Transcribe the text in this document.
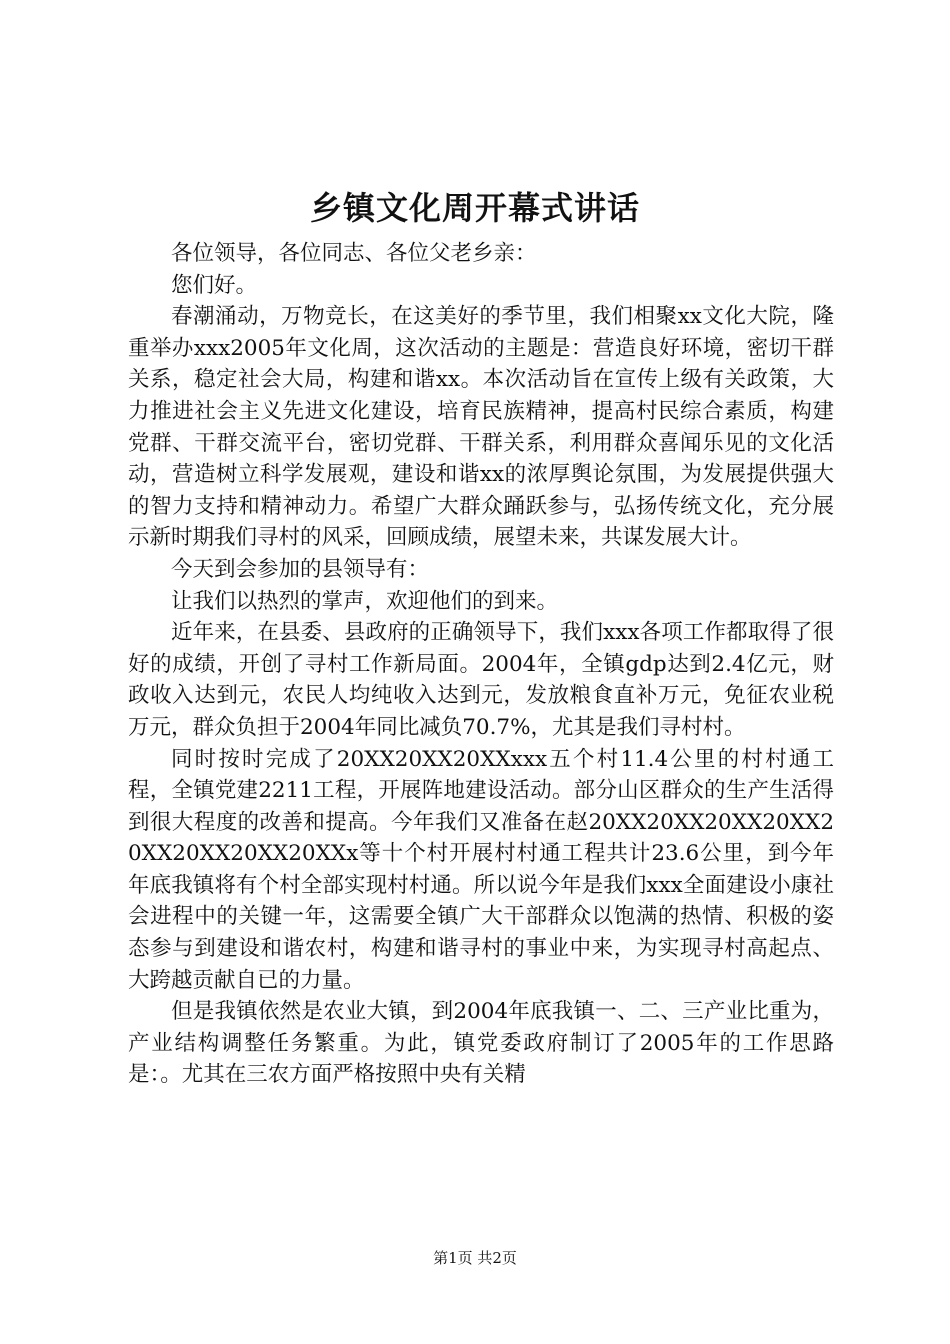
乡镇文化周开幕式讲话

各位领导，各位同志、各位父老乡亲：

您们好。

春潮涌动，万物竞长，在这美好的季节里，我们相聚xx文化大院，隆重举办xxx2005年文化周，这次活动的主题是：营造良好环境，密切干群关系，稳定社会大局，构建和谐xx。本次活动旨在宣传上级有关政策，大力推进社会主义先进文化建设，培育民族精神，提高村民综合素质，构建党群、干群交流平台，密切党群、干群关系，利用群众喜闻乐见的文化活动，营造树立科学发展观，建设和谐xx的浓厚舆论氛围，为发展提供强大的智力支持和精神动力。希望广大群众踊跃参与，弘扬传统文化，充分展示新时期我们寻村的风采，回顾成绩，展望未来，共谋发展大计。

今天到会参加的县领导有：

让我们以热烈的掌声，欢迎他们的到来。

近年来，在县委、县政府的正确领导下，我们xxx各项工作都取得了很好的成绩，开创了寻村工作新局面。2004年，全镇gdp达到2.4亿元，财政收入达到元，农民人均纯收入达到元，发放粮食直补万元，免征农业税万元，群众负担于2004年同比减负70.7%，尤其是我们寻村村。

同时按时完成了20XX20XX20XXxxx五个村11.4公里的村村通工程，全镇党建2211工程，开展阵地建设活动。部分山区群众的生产生活得到很大程度的改善和提高。今年我们又准备在赵20XX20XX20XX20XX20XX20XX20XX20XXx等十个村开展村村通工程共计23.6公里，到今年年底我镇将有个村全部实现村村通。所以说今年是我们xxx全面建设小康社会进程中的关键一年，这需要全镇广大干部群众以饱满的热情、积极的姿态参与到建设和谐农村，构建和谐寻村的事业中来，为实现寻村高起点、大跨越贡献自已的力量。

但是我镇依然是农业大镇，到2004年底我镇一、二、三产业比重为，产业结构调整任务繁重。为此，镇党委政府制订了2005年的工作思路是：。尤其在三农方面严格按照中央有关精

第1页 共2页
